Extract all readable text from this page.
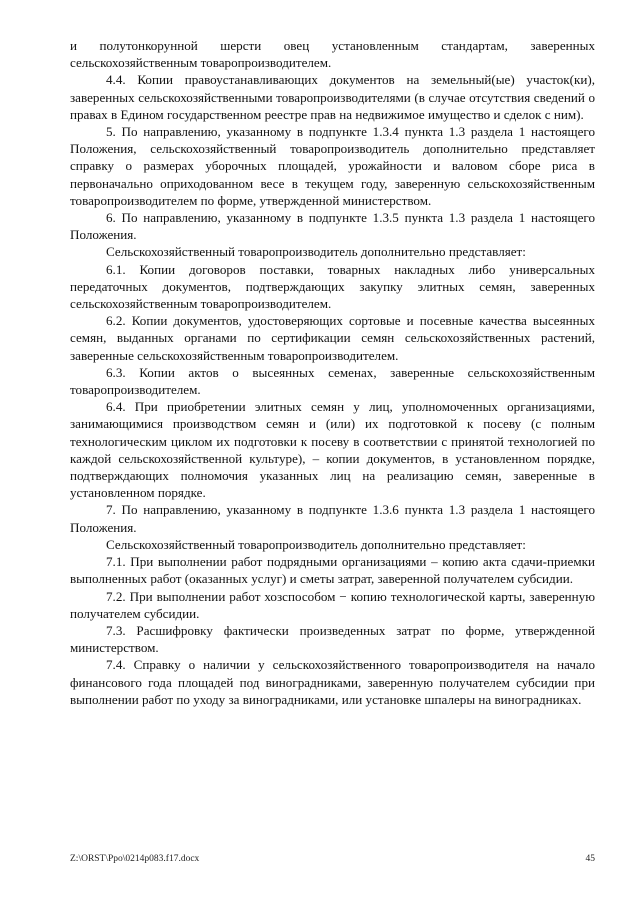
и полутонкорунной шерсти овец установленным стандартам, заверенных сельскохозяйственным товаропроизводителем.

4.4. Копии правоустанавливающих документов на земельный(ые) участок(ки), заверенных сельскохозяйственными товаропроизводителями (в случае отсутствия сведений о правах в Едином государственном реестре прав на недвижимое имущество и сделок с ним).

5. По направлению, указанному в подпункте 1.3.4 пункта 1.3 раздела 1 настоящего Положения, сельскохозяйственный товаропроизводитель дополнительно представляет справку о размерах уборочных площадей, урожайности и валовом сборе риса в первоначально оприходованном весе в текущем году, заверенную сельскохозяйственным товаропроизводителем по форме, утвержденной министерством.

6. По направлению, указанному в подпункте 1.3.5 пункта 1.3 раздела 1 настоящего Положения.

Сельскохозяйственный товаропроизводитель дополнительно представляет:

6.1. Копии договоров поставки, товарных накладных либо универсальных передаточных документов, подтверждающих закупку элитных семян, заверенных сельскохозяйственным товаропроизводителем.

6.2. Копии документов, удостоверяющих сортовые и посевные качества высеянных семян, выданных органами по сертификации семян сельскохозяйственных растений, заверенные сельскохозяйственным товаропроизводителем.

6.3. Копии актов о высеянных семенах, заверенные сельскохозяйственным товаропроизводителем.

6.4. При приобретении элитных семян у лиц, уполномоченных организациями, занимающимися производством семян и (или) их подготовкой к посеву (с полным технологическим циклом их подготовки к посеву в соответствии с принятой технологией по каждой сельскохозяйственной культуре), – копии документов, в установленном порядке, подтверждающих полномочия указанных лиц на реализацию семян, заверенные в установленном порядке.

7. По направлению, указанному в подпункте 1.3.6 пункта 1.3 раздела 1 настоящего Положения.

Сельскохозяйственный товаропроизводитель дополнительно представляет:

7.1. При выполнении работ подрядными организациями – копию акта сдачи-приемки выполненных работ (оказанных услуг) и сметы затрат, заверенной получателем субсидии.

7.2. При выполнении работ хозспособом − копию технологической карты, заверенную получателем субсидии.

7.3. Расшифровку фактически произведенных затрат по форме, утвержденной министерством.

7.4. Справку о наличии у сельскохозяйственного товаропроизводителя на начало финансового года площадей под виноградниками, заверенную получателем субсидии при выполнении работ по уходу за виноградниками, или установке шпалеры на виноградниках.

Z:\ORST\Ppo\0214p083.f17.docx	45
